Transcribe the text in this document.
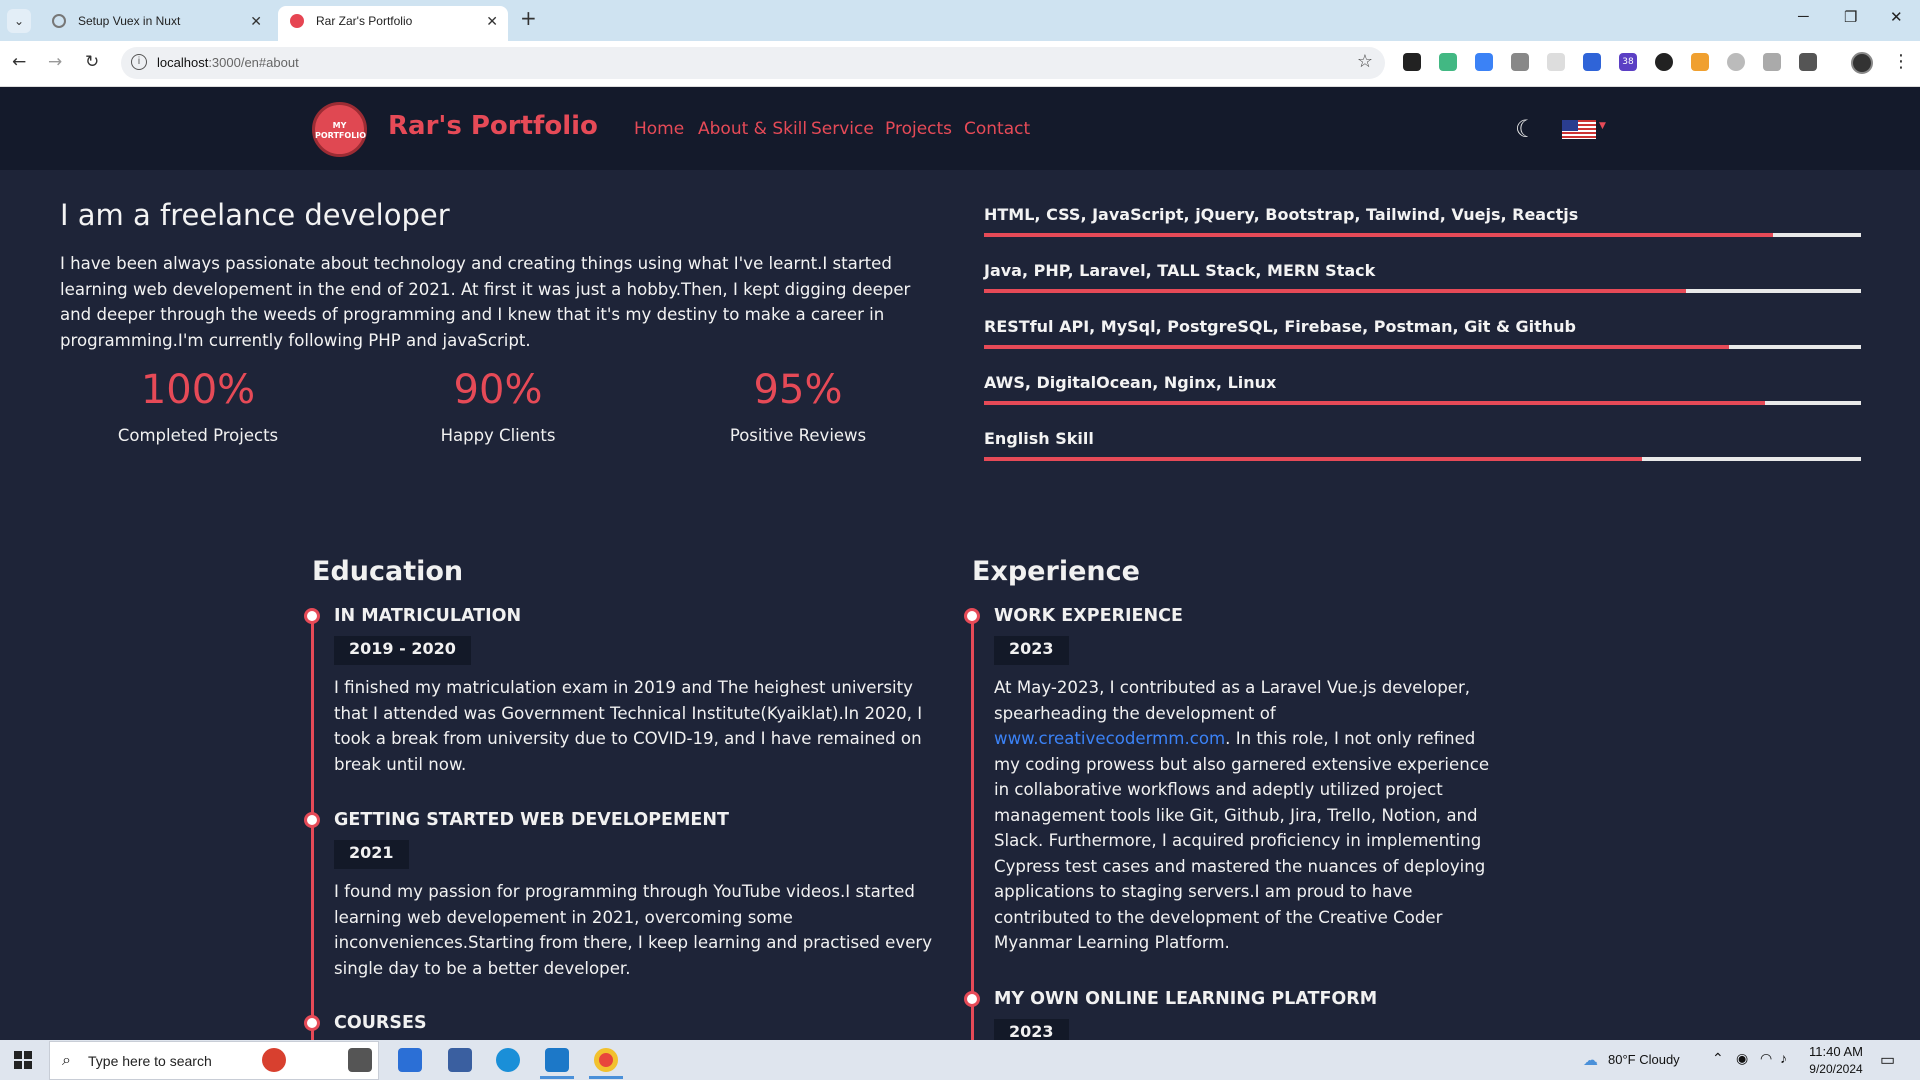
⌄	Setup Vuex in Nuxt	✕	Rar Zar's Portfolio	✕ +	─ ❐ ✕
← → ↻	i	localhost:3000/en#about	☆	38	⋮
MY PORTFOLIO Rar's Portfolio Home About & Skill Service Projects Contact	☾	▼
I am a freelance developer

I have been always passionate about technology and creating things using what I've learnt.I started learning web developement in the end of 2021. At first it was just a hobby.Then, I kept digging deeper and deeper through the weeds of programming and I knew that it's my destiny to make a career in programming.I'm currently following PHP and javaScript.

100%
Completed Projects
90%
Happy Clients
95%
Positive Reviews
HTML, CSS, JavaScript, jQuery, Bootstrap, Tailwind, Vuejs, Reactjs
Java, PHP, Laravel, TALL Stack, MERN Stack
RESTful API, MySql, PostgreSQL, Firebase, Postman, Git & Github
AWS, DigitalOcean, Nginx, Linux
English Skill
Education
IN MATRICULATION
2019 - 2020

I finished my matriculation exam in 2019 and The heighest university that I attended was Government Technical Institute(Kyaiklat).In 2020, I took a break from university due to COVID-19, and I have remained on break until now.

GETTING STARTED WEB DEVELOPEMENT
2021

I found my passion for programming through YouTube videos.I started learning web developement in 2021, overcoming some inconveniences.Starting from there, I keep learning and practised every single day to be a better developer.

COURSES
Experience
WORK EXPERIENCE
2023

At May-2023, I contributed as a Laravel Vue.js developer, spearheading the development of www.creativecodermm.com. In this role, I not only refined my coding prowess but also garnered extensive experience in collaborative workflows and adeptly utilized project management tools like Git, Github, Jira, Trello, Notion, and Slack. Furthermore, I acquired proficiency in implementing Cypress test cases and mastered the nuances of deploying applications to staging servers.I am proud to have contributed to the development of the Creative Coder Myanmar Learning Platform.

MY OWN ONLINE LEARNING PLATFORM
2023
⌕ Type here to search	☁ 80°F Cloudy ⌃ ◉ ◠ ♪ 11:40 AM
9/20/2024 ▭
